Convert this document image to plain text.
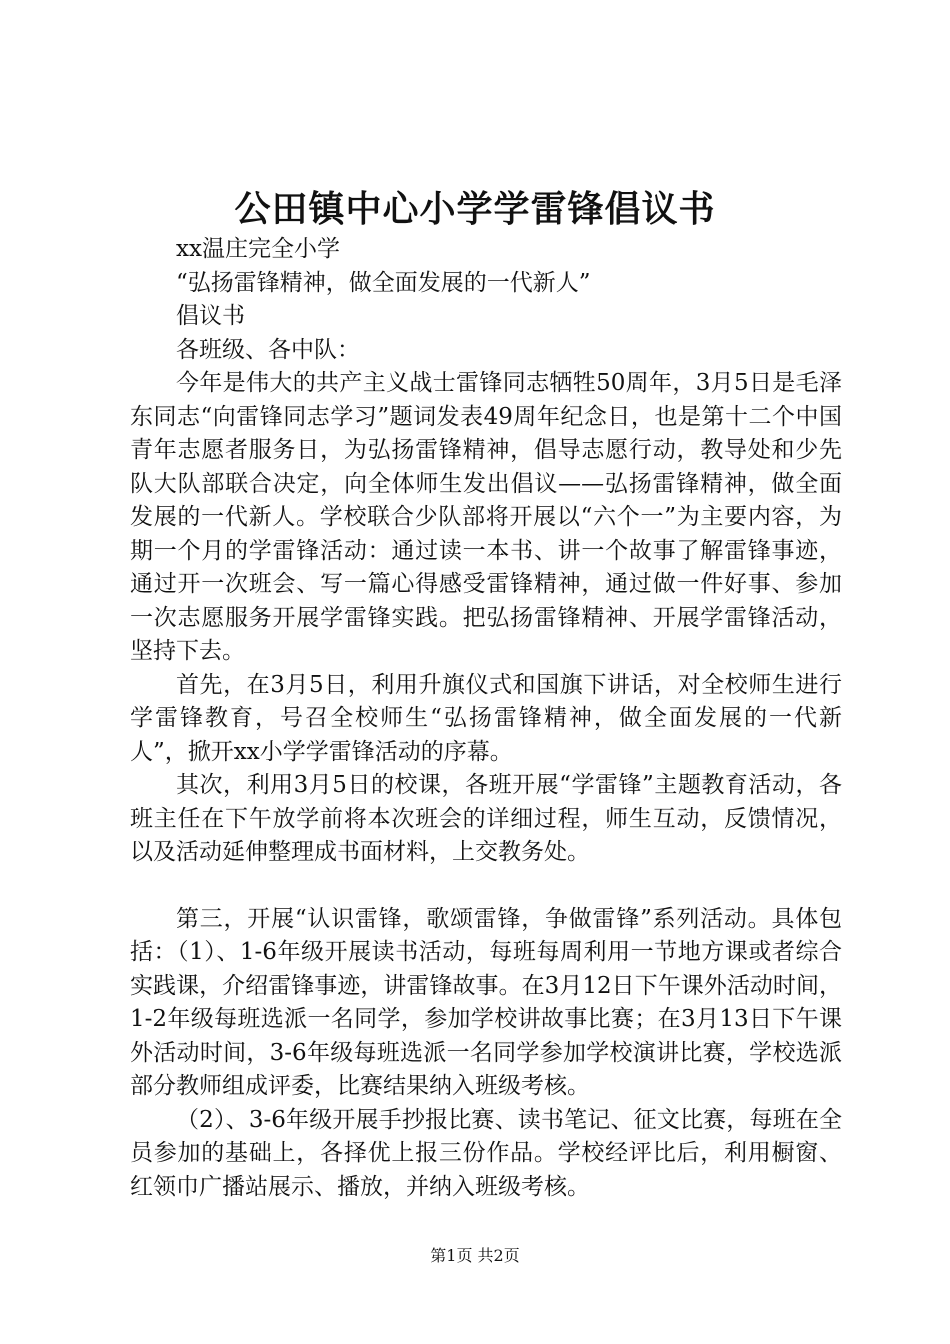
公田镇中心小学学雷锋倡议书

xx温庄完全小学

“弘扬雷锋精神，做全面发展的一代新人”

倡议书

各班级、各中队：

今年是伟大的共产主义战士雷锋同志牺牲50周年，3月5日是毛泽东同志“向雷锋同志学习”题词发表49周年纪念日，也是第十二个中国青年志愿者服务日，为弘扬雷锋精神，倡导志愿行动，教导处和少先队大队部联合决定，向全体师生发出倡议——弘扬雷锋精神，做全面发展的一代新人。学校联合少队部将开展以“六个一”为主要内容，为期一个月的学雷锋活动：通过读一本书、讲一个故事了解雷锋事迹，通过开一次班会、写一篇心得感受雷锋精神，通过做一件好事、参加一次志愿服务开展学雷锋实践。把弘扬雷锋精神、开展学雷锋活动，坚持下去。

首先，在3月5日，利用升旗仪式和国旗下讲话，对全校师生进行学雷锋教育，号召全校师生“弘扬雷锋精神，做全面发展的一代新人”，掀开xx小学学雷锋活动的序幕。

其次，利用3月5日的校课，各班开展“学雷锋”主题教育活动，各班主任在下午放学前将本次班会的详细过程，师生互动，反馈情况，以及活动延伸整理成书面材料，上交教务处。

第三，开展“认识雷锋，歌颂雷锋，争做雷锋”系列活动。具体包括：（1）、1-6年级开展读书活动，每班每周利用一节地方课或者综合实践课，介绍雷锋事迹，讲雷锋故事。在3月12日下午课外活动时间，1-2年级每班选派一名同学，参加学校讲故事比赛；在3月13日下午课外活动时间，3-6年级每班选派一名同学参加学校演讲比赛，学校选派部分教师组成评委，比赛结果纳入班级考核。

（2）、3-6年级开展手抄报比赛、读书笔记、征文比赛，每班在全员参加的基础上，各择优上报三份作品。学校经评比后，利用橱窗、红领巾广播站展示、播放，并纳入班级考核。

第1页 共2页
